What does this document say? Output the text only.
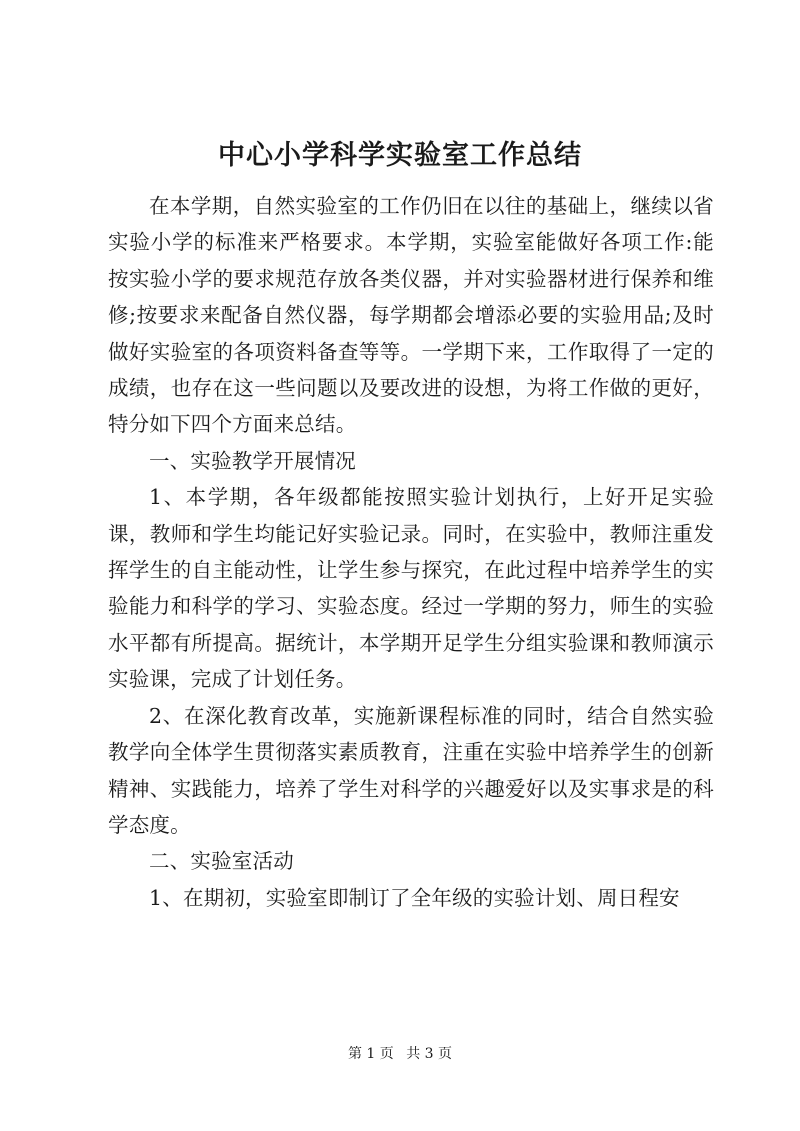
中心小学科学实验室工作总结

在本学期，自然实验室的工作仍旧在以往的基础上，继续以省实验小学的标准来严格要求。本学期，实验室能做好各项工作:能按实验小学的要求规范存放各类仪器，并对实验器材进行保养和维修;按要求来配备自然仪器，每学期都会增添必要的实验用品;及时做好实验室的各项资料备查等等。一学期下来，工作取得了一定的成绩，也存在这一些问题以及要改进的设想，为将工作做的更好，特分如下四个方面来总结。

一、实验教学开展情况

1、本学期，各年级都能按照实验计划执行，上好开足实验课，教师和学生均能记好实验记录。同时，在实验中，教师注重发挥学生的自主能动性，让学生参与探究，在此过程中培养学生的实验能力和科学的学习、实验态度。经过一学期的努力，师生的实验水平都有所提高。据统计，本学期开足学生分组实验课和教师演示实验课，完成了计划任务。

2、在深化教育改革，实施新课程标准的同时，结合自然实验教学向全体学生贯彻落实素质教育，注重在实验中培养学生的创新精神、实践能力，培养了学生对科学的兴趣爱好以及实事求是的科学态度。

二、实验室活动

1、在期初，实验室即制订了全年级的实验计划、周日程安

第 1 页 共 3 页
